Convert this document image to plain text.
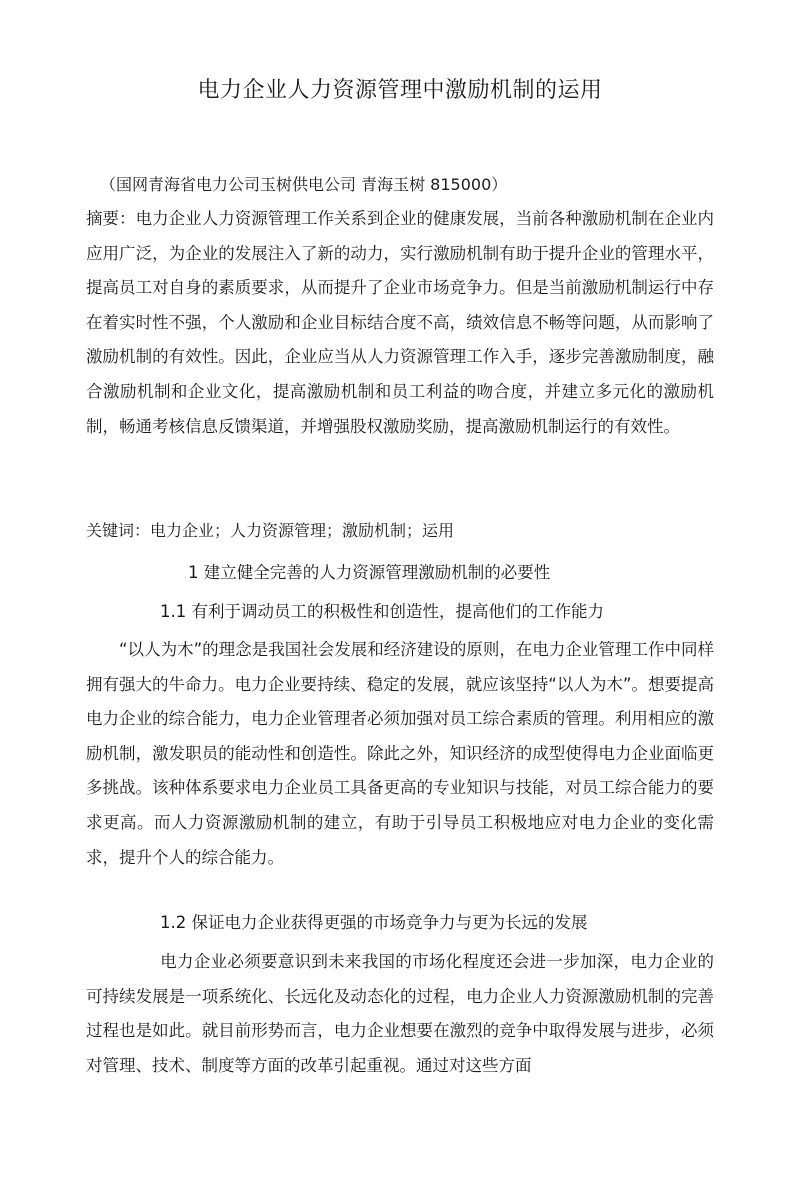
电力企业人力资源管理中激励机制的运用
（国网青海省电力公司玉树供电公司 青海玉树 815000）

摘要：电力企业人力资源管理工作关系到企业的健康发展，当前各种激励机制在企业内应用广泛，为企业的发展注入了新的动力，实行激励机制有助于提升企业的管理水平，提高员工对自身的素质要求，从而提升了企业市场竞争力。但是当前激励机制运行中存在着实时性不强，个人激励和企业目标结合度不高，绩效信息不畅等问题，从而影响了激励机制的有效性。因此，企业应当从人力资源管理工作入手，逐步完善激励制度，融合激励机制和企业文化，提高激励机制和员工利益的吻合度，并建立多元化的激励机制，畅通考核信息反馈渠道，并增强股权激励奖励，提高激励机制运行的有效性。

关键词：电力企业；人力资源管理；激励机制；运用

1 建立健全完善的人力资源管理激励机制的必要性
1.1 有利于调动员工的积极性和创造性，提高他们的工作能力

“以人为木”的理念是我国社会发展和经济建设的原则，在电力企业管理工作中同样拥有强大的牛命力。电力企业要持续、稳定的发展，就应该坚持“以人为木”。想要提高电力企业的综合能力，电力企业管理者必须加强对员工综合素质的管理。利用相应的激励机制，激发职员的能动性和创造性。除此之外，知识经济的成型使得电力企业面临更多挑战。该种体系要求电力企业员工具备更高的专业知识与技能，对员工综合能力的要求更高。而人力资源激励机制的建立，有助于引导员工积极地应对电力企业的变化需求，提升个人的综合能力。

1.2 保证电力企业获得更强的市场竞争力与更为长远的发展

电力企业必须要意识到未来我国的市场化程度还会进一步加深，电力企业的可持续发展是一项系统化、长远化及动态化的过程，电力企业人力资源激励机制的完善过程也是如此。就目前形势而言，电力企业想要在激烈的竞争中取得发展与进步，必须对管理、技术、制度等方面的改革引起重视。通过对这些方面
